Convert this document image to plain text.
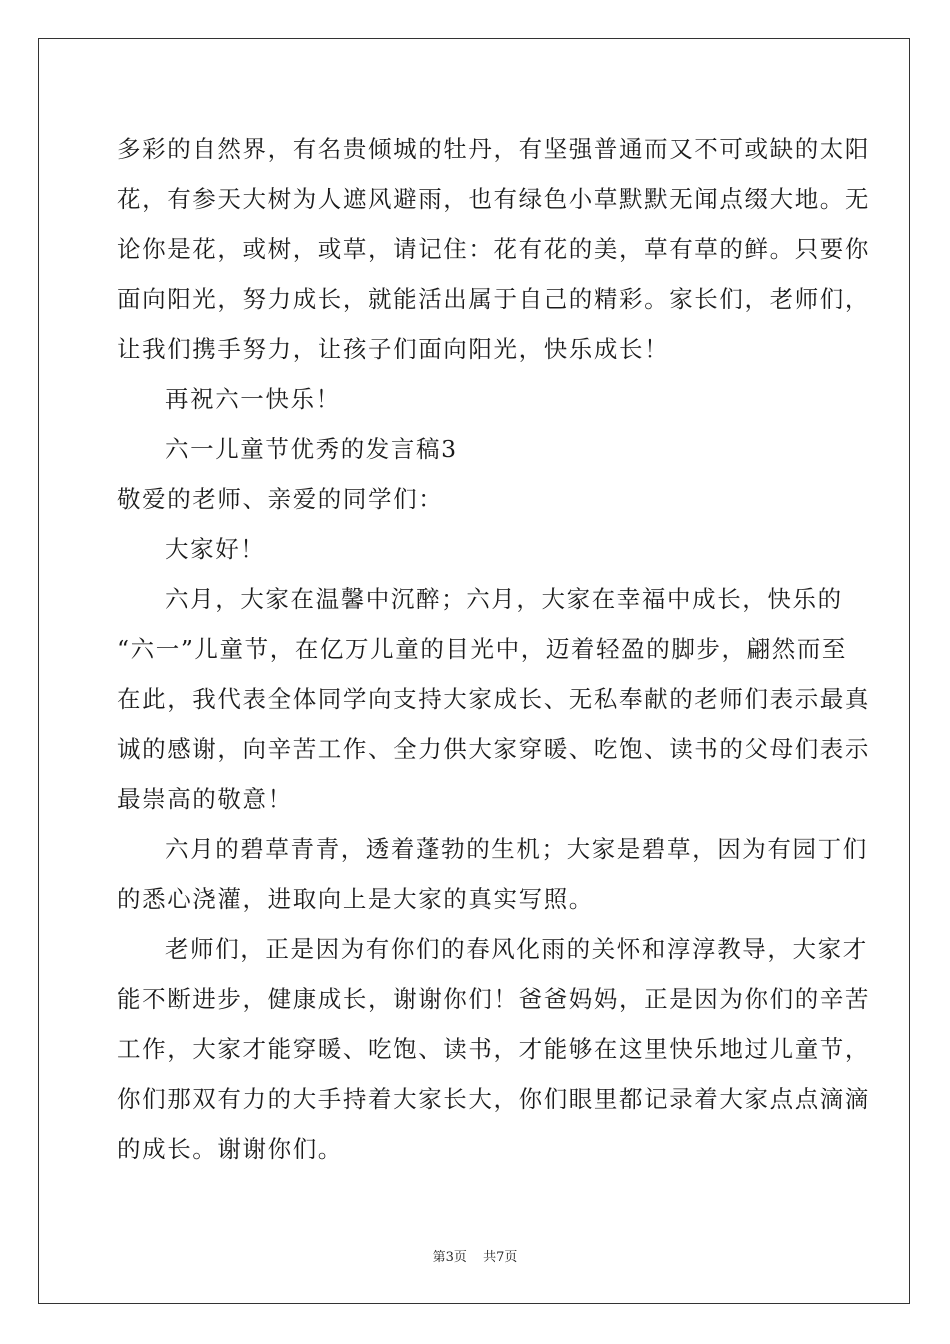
多彩的自然界，有名贵倾城的牡丹，有坚强普通而又不可或缺的太阳
花，有参天大树为人遮风避雨，也有绿色小草默默无闻点缀大地。无
论你是花，或树，或草，请记住：花有花的美，草有草的鲜。只要你
面向阳光，努力成长，就能活出属于自己的精彩。家长们，老师们，
让我们携手努力，让孩子们面向阳光，快乐成长！
再祝六一快乐！
六一儿童节优秀的发言稿3
敬爱的老师、亲爱的同学们：
大家好！
六月，大家在温馨中沉醉；六月，大家在幸福中成长，快乐的
“六一”儿童节，在亿万儿童的目光中，迈着轻盈的脚步，翩然而至
在此，我代表全体同学向支持大家成长、无私奉献的老师们表示最真
诚的感谢，向辛苦工作、全力供大家穿暖、吃饱、读书的父母们表示
最崇高的敬意！
六月的碧草青青，透着蓬勃的生机；大家是碧草，因为有园丁们
的悉心浇灌，进取向上是大家的真实写照。
老师们，正是因为有你们的春风化雨的关怀和淳淳教导，大家才
能不断进步，健康成长，谢谢你们！爸爸妈妈，正是因为你们的辛苦
工作，大家才能穿暖、吃饱、读书，才能够在这里快乐地过儿童节，
你们那双有力的大手持着大家长大，你们眼里都记录着大家点点滴滴
的成长。谢谢你们。
第3页 共7页
